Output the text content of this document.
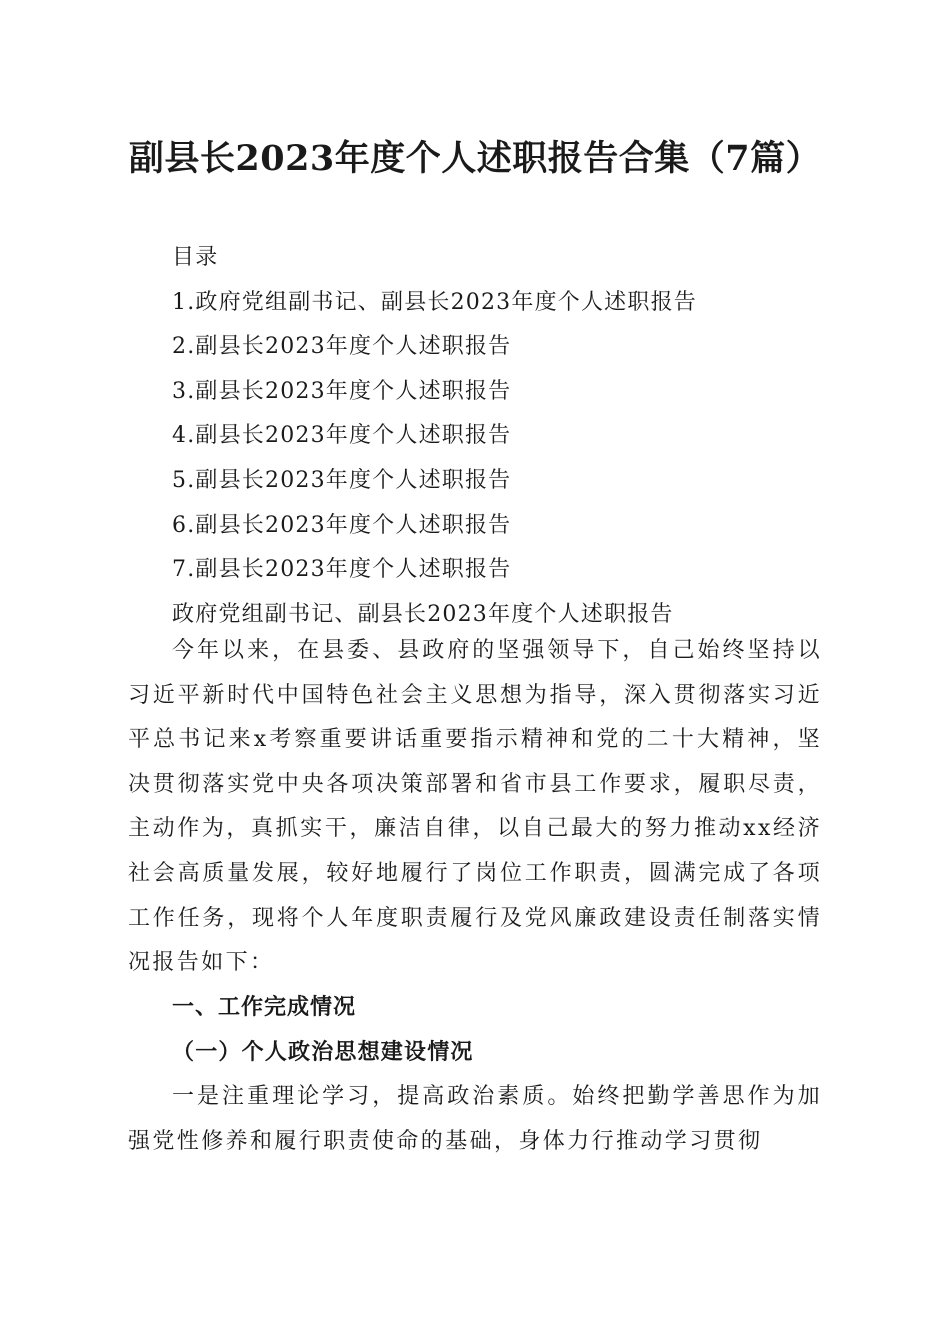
副县长2023年度个人述职报告合集（7篇）
目录
1.政府党组副书记、副县长2023年度个人述职报告
2.副县长2023年度个人述职报告
3.副县长2023年度个人述职报告
4.副县长2023年度个人述职报告
5.副县长2023年度个人述职报告
6.副县长2023年度个人述职报告
7.副县长2023年度个人述职报告
政府党组副书记、副县长2023年度个人述职报告

今年以来，在县委、县政府的坚强领导下，自己始终坚持以习近平新时代中国特色社会主义思想为指导，深入贯彻落实习近平总书记来x考察重要讲话重要指示精神和党的二十大精神，坚决贯彻落实党中央各项决策部署和省市县工作要求，履职尽责，主动作为，真抓实干，廉洁自律，以自己最大的努力推动xx经济社会高质量发展，较好地履行了岗位工作职责，圆满完成了各项工作任务，现将个人年度职责履行及党风廉政建设责任制落实情况报告如下：

一、工作完成情况
（一）个人政治思想建设情况

一是注重理论学习，提高政治素质。始终把勤学善思作为加强党性修养和履行职责使命的基础，身体力行推动学习贯彻
